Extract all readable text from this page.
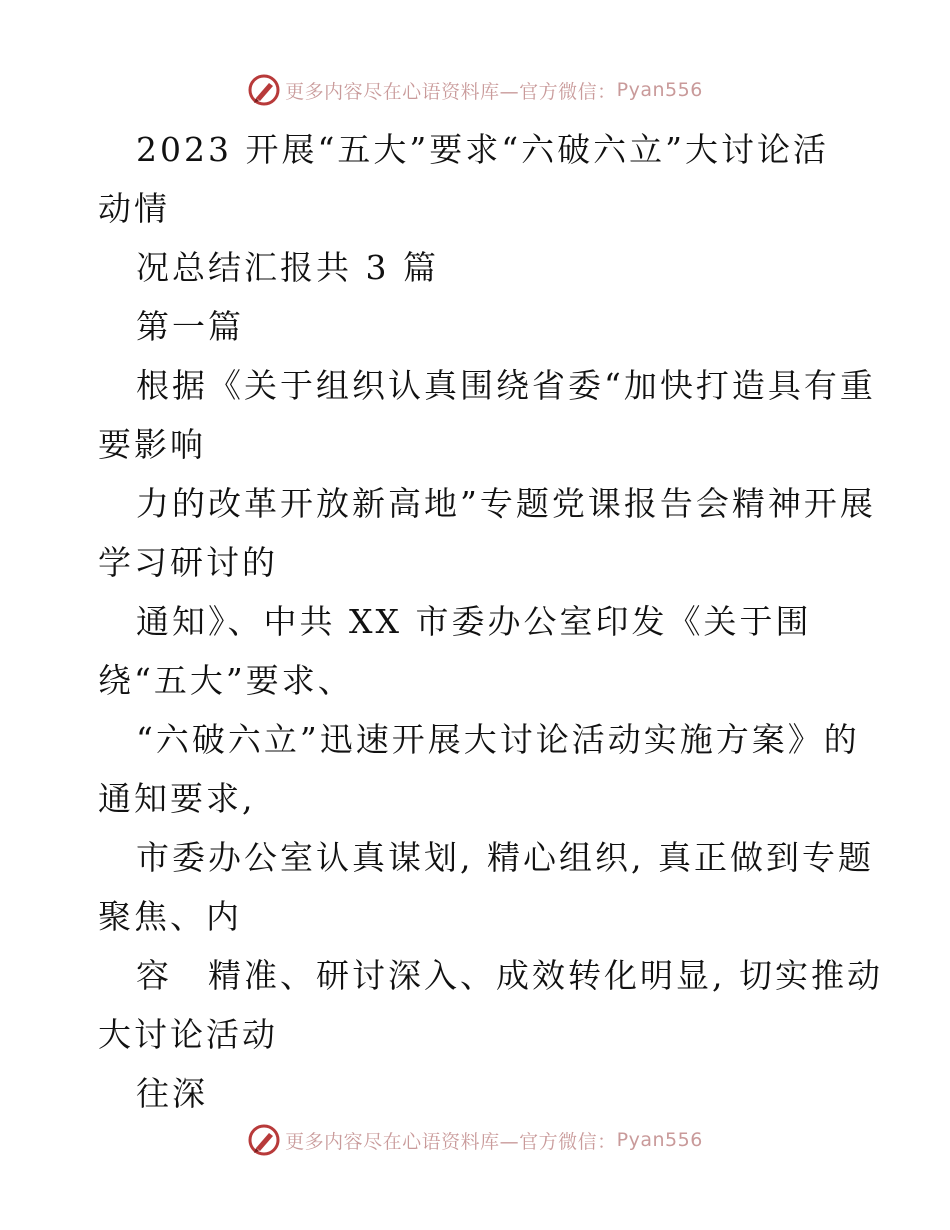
更多内容尽在心语资料库—官方微信： Pyan556
2023 开展“五大”要求“六破六立”大讨论活
动情
况总结汇报共 3 篇
第一篇
根据《关于组织认真围绕省委“加快打造具有重
要影响
力的改革开放新高地”专题党课报告会精神开展
学习研讨的
通知》、中共 XX 市委办公室印发《关于围
绕“五大”要求、
“六破六立”迅速开展大讨论活动实施方案》的
通知要求,
市委办公室认真谋划, 精心组织, 真正做到专题
聚焦、内
容　精准、研讨深入、成效转化明显, 切实推动
大讨论活动
往深
更多内容尽在心语资料库—官方微信： Pyan556
